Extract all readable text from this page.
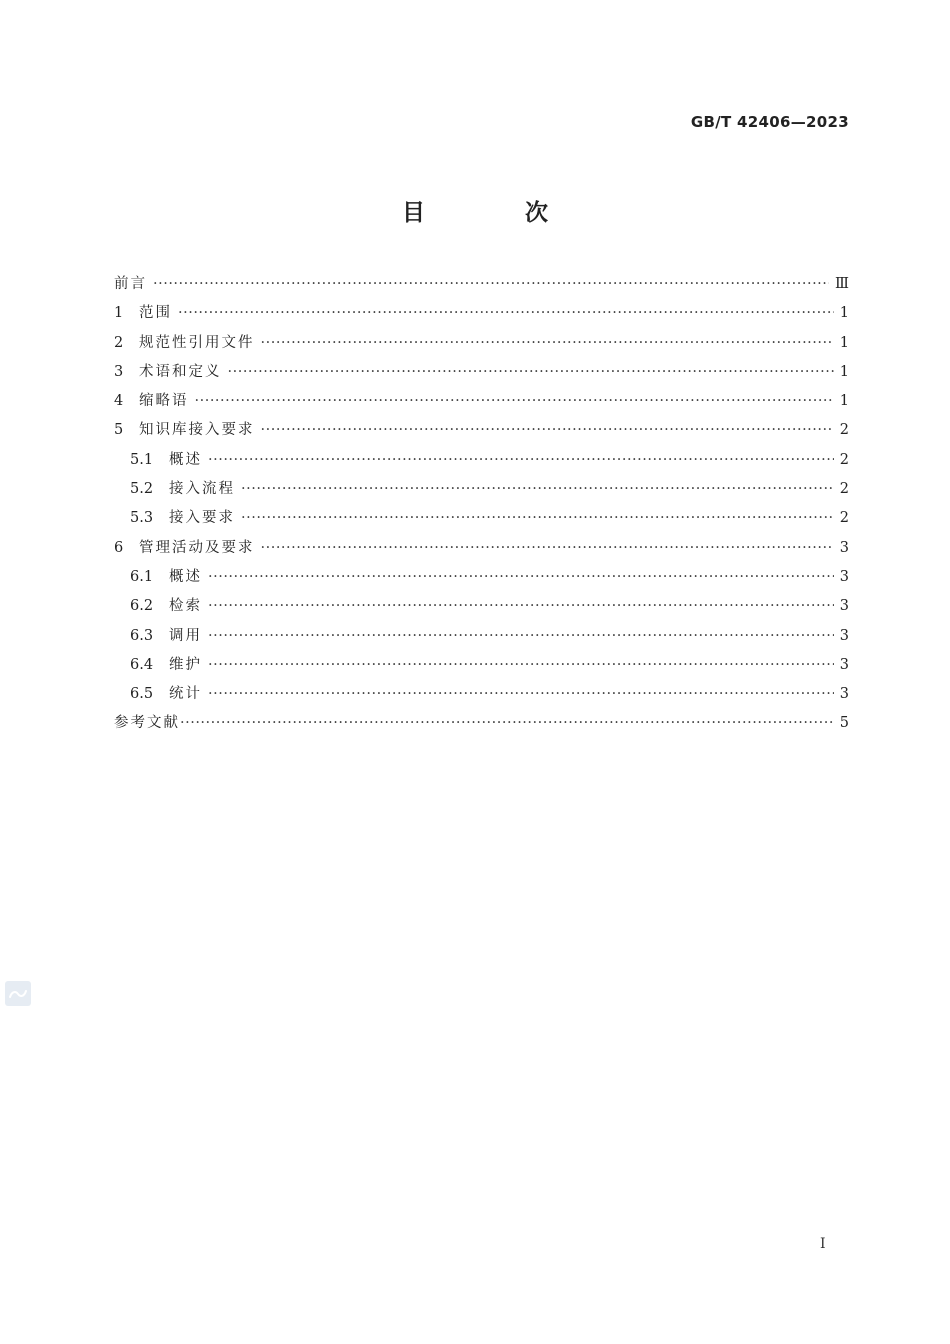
GB/T 42406—2023
目 次
前言 ·····	Ⅲ
1	范围 ·····	1
2	规范性引用文件 ·····	1
3	术语和定义 ·····	1
4	缩略语 ·····	1
5	知识库接入要求 ·····	2
5.1	概述 ·····	2
5.2	接入流程 ·····	2
5.3	接入要求 ·····	2
6	管理活动及要求 ·····	3
6.1	概述 ·····	3
6.2	检索 ·····	3
6.3	调用 ·····	3
6.4	维护 ·····	3
6.5	统计 ·····	3
参考文献 ·····	5
I
